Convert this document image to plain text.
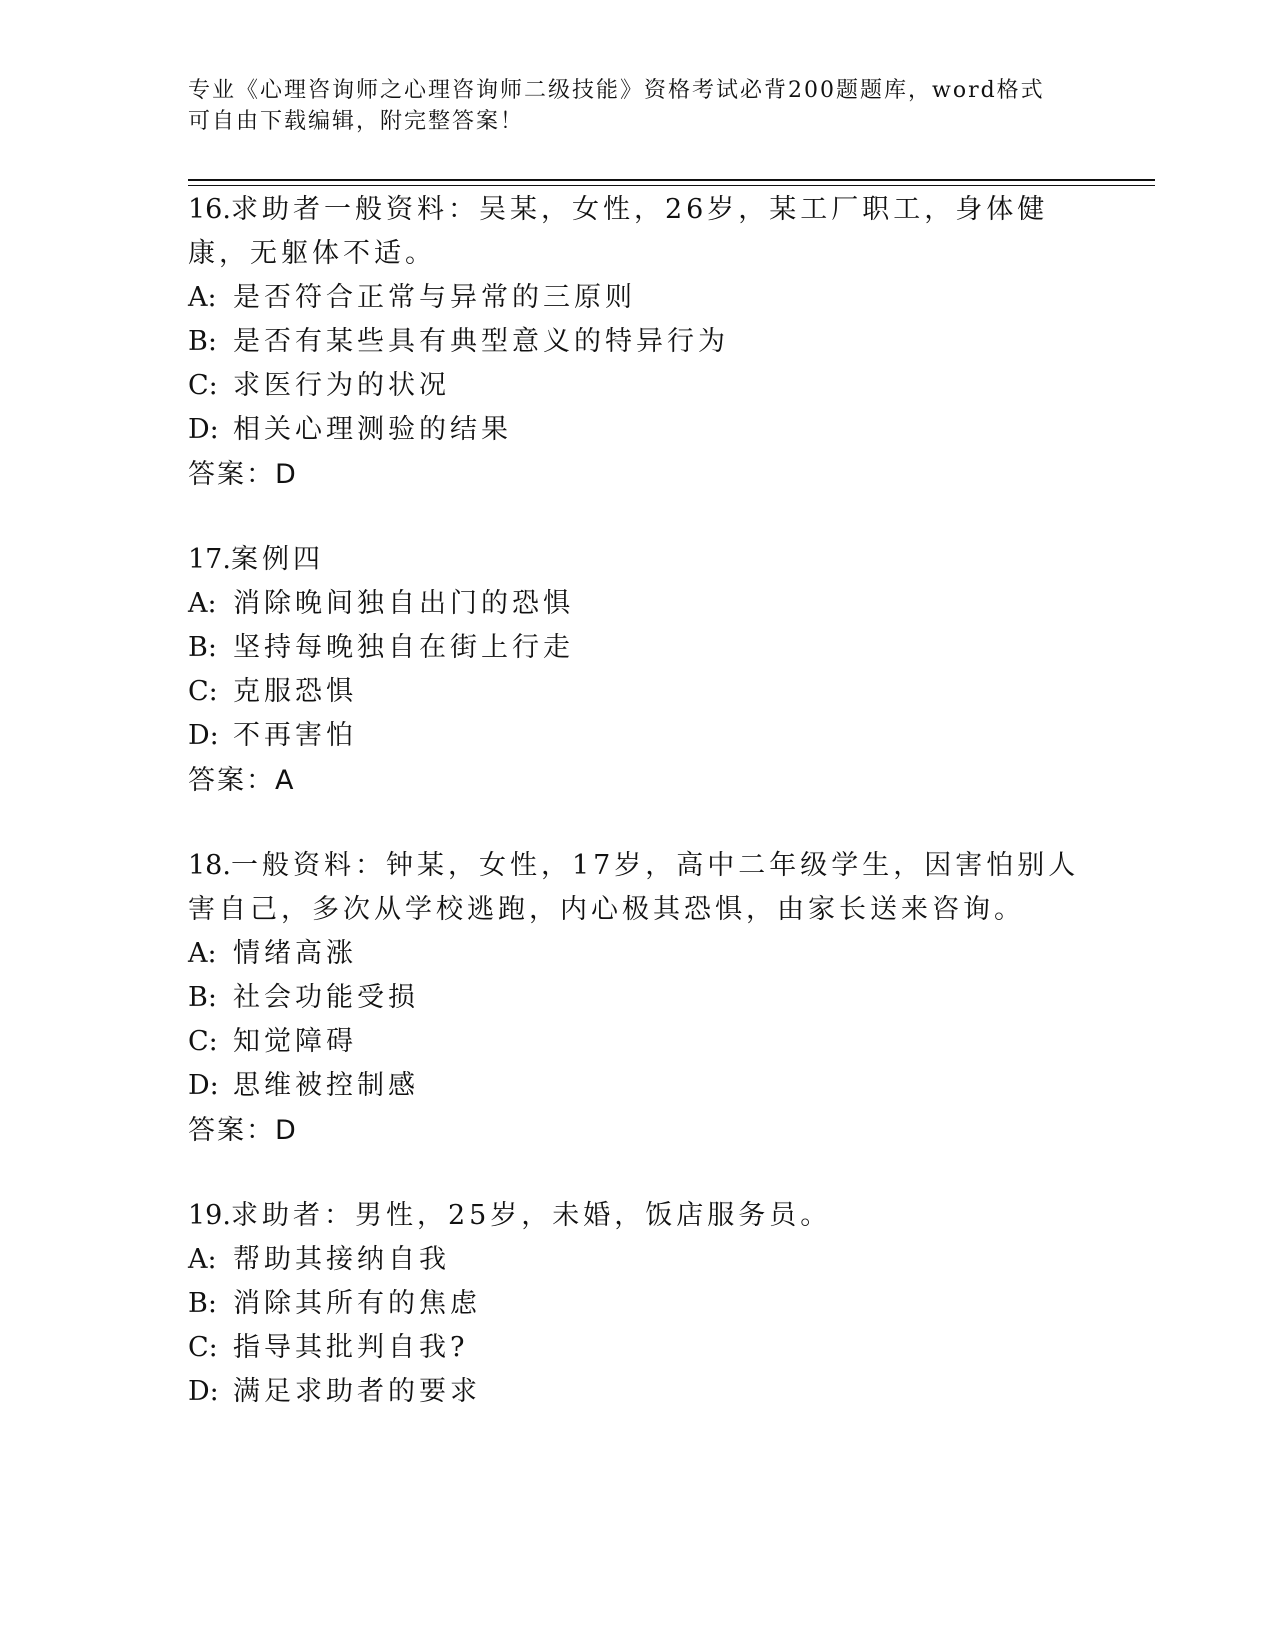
专业《心理咨询师之心理咨询师二级技能》资格考试必背200题题库，word格式
可自由下载编辑，附完整答案！

16.求助者一般资料：吴某，女性，26岁，某工厂职工，身体健康，无躯体不适。

A: 是否符合正常与异常的三原则

B: 是否有某些具有典型意义的特异行为

C: 求医行为的状况

D: 相关心理测验的结果

答案：D

17.案例四

A: 消除晚间独自出门的恐惧

B: 坚持每晚独自在街上行走

C: 克服恐惧

D: 不再害怕

答案：A

18.一般资料：钟某，女性，17岁，高中二年级学生，因害怕别人害自己，多次从学校逃跑，内心极其恐惧，由家长送来咨询。

A: 情绪高涨

B: 社会功能受损

C: 知觉障碍

D: 思维被控制感

答案：D

19.求助者：男性，25岁，未婚，饭店服务员。

A: 帮助其接纳自我

B: 消除其所有的焦虑

C: 指导其批判自我?

D: 满足求助者的要求
